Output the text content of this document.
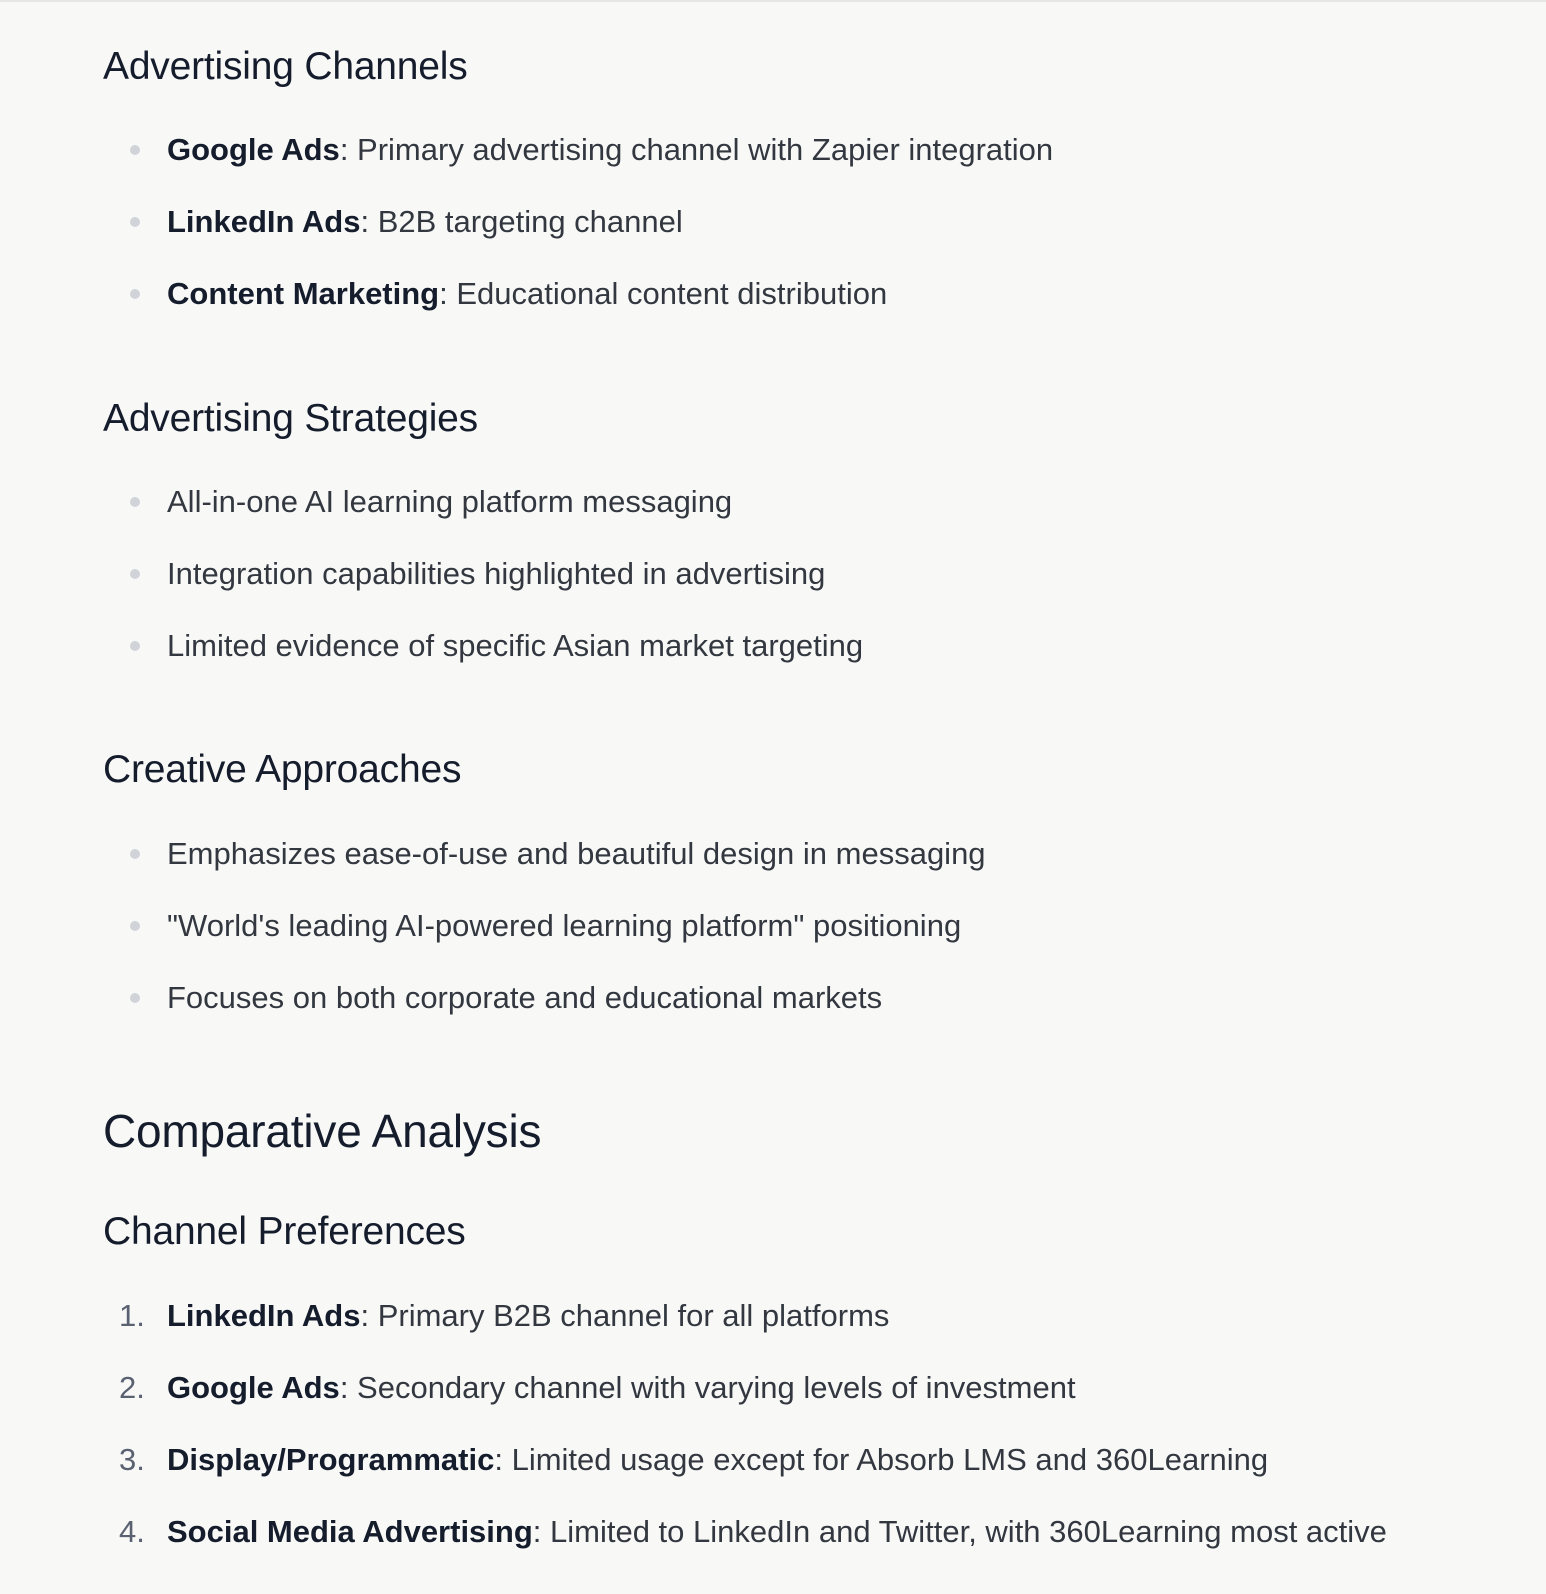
Advertising Channels
Google Ads: Primary advertising channel with Zapier integration
LinkedIn Ads: B2B targeting channel
Content Marketing: Educational content distribution
Advertising Strategies
All-in-one AI learning platform messaging
Integration capabilities highlighted in advertising
Limited evidence of specific Asian market targeting
Creative Approaches
Emphasizes ease-of-use and beautiful design in messaging
"World's leading AI-powered learning platform" positioning
Focuses on both corporate and educational markets
Comparative Analysis
Channel Preferences
1. LinkedIn Ads: Primary B2B channel for all platforms
2. Google Ads: Secondary channel with varying levels of investment
3. Display/Programmatic: Limited usage except for Absorb LMS and 360Learning
4. Social Media Advertising: Limited to LinkedIn and Twitter, with 360Learning most active
